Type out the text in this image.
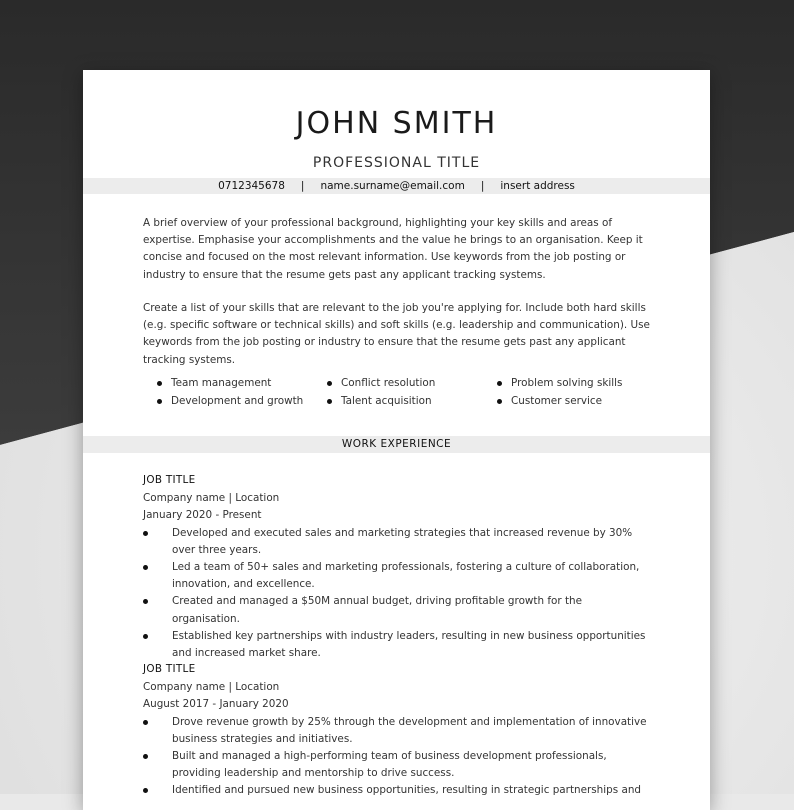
JOHN SMITH
PROFESSIONAL TITLE
0712345678 | name.surname@email.com | insert address

A brief overview of your professional background, highlighting your key skills and areas of expertise. Emphasise your accomplishments and the value he brings to an organisation. Keep it concise and focused on the most relevant information. Use keywords from the job posting or industry to ensure that the resume gets past any applicant tracking systems.

Create a list of your skills that are relevant to the job you're applying for. Include both hard skills (e.g. specific software or technical skills) and soft skills (e.g. leadership and communication). Use keywords from the job posting or industry to ensure that the resume gets past any applicant tracking systems.

Team management	Conflict resolution	Problem solving skills
Development and growth	Talent acquisition	Customer service
WORK EXPERIENCE
JOB TITLE
Company name | Location
January 2020 - Present
Developed and executed sales and marketing strategies that increased revenue by 30% over three years.
Led a team of 50+ sales and marketing professionals, fostering a culture of collaboration, innovation, and excellence.
Created and managed a $50M annual budget, driving profitable growth for the organisation.
Established key partnerships with industry leaders, resulting in new business opportunities and increased market share.
JOB TITLE
Company name | Location
August 2017 - January 2020
Drove revenue growth by 25% through the development and implementation of innovative business strategies and initiatives.
Built and managed a high-performing team of business development professionals, providing leadership and mentorship to drive success.
Identified and pursued new business opportunities, resulting in strategic partnerships and
